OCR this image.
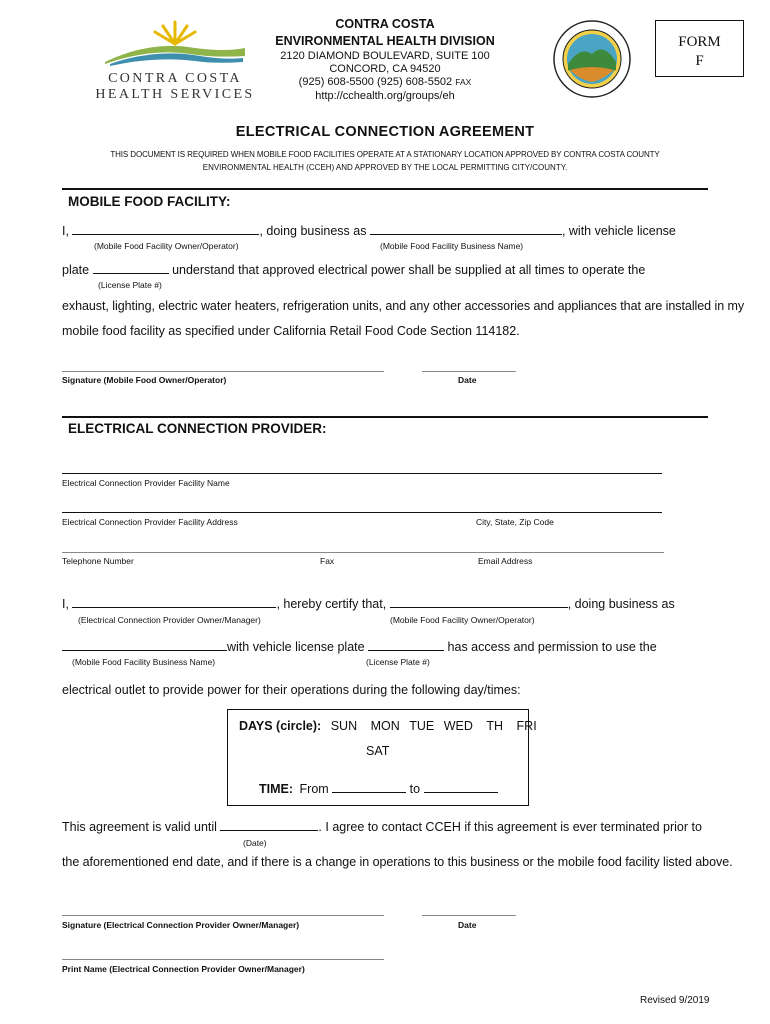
CONTRA COSTA
HEALTH SERVICES
CONTRA COSTA
ENVIRONMENTAL HEALTH DIVISION
2120 DIAMOND BOULEVARD, SUITE 100
CONCORD, CA 94520
(925) 608-5500 (925) 608-5502 FAX
http://cchealth.org/groups/eh
FORM
F
ELECTRICAL CONNECTION AGREEMENT
THIS DOCUMENT IS REQUIRED WHEN MOBILE FOOD FACILITIES OPERATE AT A STATIONARY LOCATION APPROVED BY CONTRA COSTA COUNTY
ENVIRONMENTAL HEALTH (CCEH) AND APPROVED BY THE LOCAL PERMITTING CITY/COUNTY.
MOBILE FOOD FACILITY:
I,	, doing business as	, with vehicle license
(Mobile Food Facility Owner/Operator)	(Mobile Food Facility Business Name)
plate	understand that approved electrical power shall be supplied at all times to operate the
(License Plate #)
exhaust, lighting, electric water heaters, refrigeration units, and any other accessories and appliances that are installed in my
mobile food facility as specified under California Retail Food Code Section 114182.
Signature (Mobile Food Owner/Operator)	Date
ELECTRICAL CONNECTION PROVIDER:
Electrical Connection Provider Facility Name
Electrical Connection Provider Facility Address	City, State, Zip Code
Telephone Number	Fax	Email Address
I,	, hereby certify that,	, doing business as
(Electrical Connection Provider Owner/Manager)	(Mobile Food Facility Owner/Operator)
with vehicle license plate	has access and permission to use the
(Mobile Food Facility Business Name)	(License Plate #)
electrical outlet to provide power for their operations during the following day/times:
DAYS (circle): SUN MON TUE WED TH FRI
SAT
TIME: From	to
This agreement is valid until	. I agree to contact CCEH if this agreement is ever terminated prior to
(Date)
the aforementioned end date, and if there is a change in operations to this business or the mobile food facility listed above.
Signature (Electrical Connection Provider Owner/Manager)	Date
Print Name (Electrical Connection Provider Owner/Manager)
Revised 9/2019
